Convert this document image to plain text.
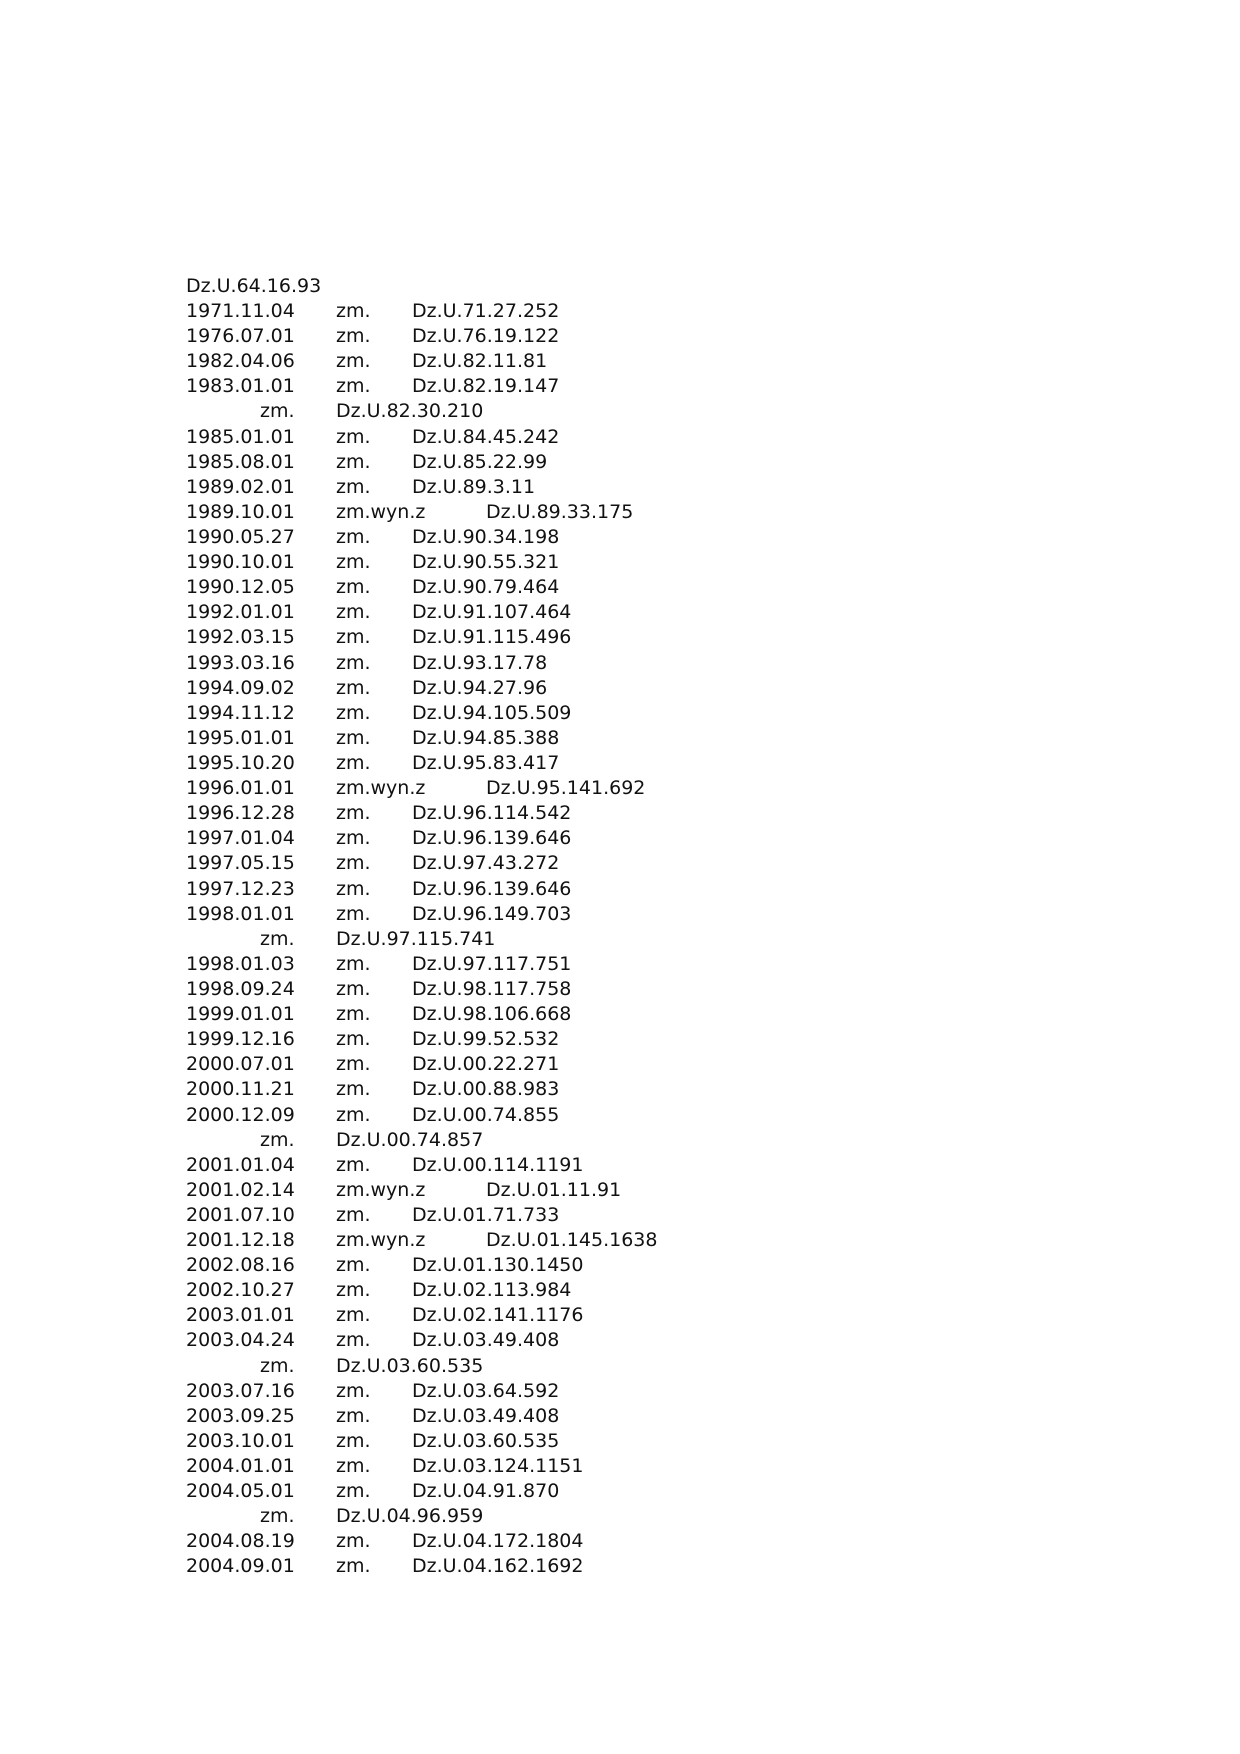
Dz.U.64.16.93
1971.11.04 zm. Dz.U.71.27.252
1976.07.01 zm. Dz.U.76.19.122
1982.04.06 zm. Dz.U.82.11.81
1983.01.01 zm. Dz.U.82.19.147
zm. Dz.U.82.30.210
1985.01.01 zm. Dz.U.84.45.242
1985.08.01 zm. Dz.U.85.22.99
1989.02.01 zm. Dz.U.89.3.11
1989.10.01 zm.wyn.z	Dz.U.89.33.175
1990.05.27 zm. Dz.U.90.34.198
1990.10.01 zm. Dz.U.90.55.321
1990.12.05 zm. Dz.U.90.79.464
1992.01.01 zm. Dz.U.91.107.464
1992.03.15 zm. Dz.U.91.115.496
1993.03.16 zm. Dz.U.93.17.78
1994.09.02 zm. Dz.U.94.27.96
1994.11.12 zm. Dz.U.94.105.509
1995.01.01 zm. Dz.U.94.85.388
1995.10.20 zm. Dz.U.95.83.417
1996.01.01 zm.wyn.z	Dz.U.95.141.692
1996.12.28 zm. Dz.U.96.114.542
1997.01.04 zm. Dz.U.96.139.646
1997.05.15 zm. Dz.U.97.43.272
1997.12.23 zm. Dz.U.96.139.646
1998.01.01 zm. Dz.U.96.149.703
zm. Dz.U.97.115.741
1998.01.03 zm. Dz.U.97.117.751
1998.09.24 zm. Dz.U.98.117.758
1999.01.01 zm. Dz.U.98.106.668
1999.12.16 zm. Dz.U.99.52.532
2000.07.01 zm. Dz.U.00.22.271
2000.11.21 zm. Dz.U.00.88.983
2000.12.09 zm. Dz.U.00.74.855
zm. Dz.U.00.74.857
2001.01.04 zm. Dz.U.00.114.1191
2001.02.14 zm.wyn.z	Dz.U.01.11.91
2001.07.10 zm. Dz.U.01.71.733
2001.12.18 zm.wyn.z	Dz.U.01.145.1638
2002.08.16 zm. Dz.U.01.130.1450
2002.10.27 zm. Dz.U.02.113.984
2003.01.01 zm. Dz.U.02.141.1176
2003.04.24 zm. Dz.U.03.49.408
zm. Dz.U.03.60.535
2003.07.16 zm. Dz.U.03.64.592
2003.09.25 zm. Dz.U.03.49.408
2003.10.01 zm. Dz.U.03.60.535
2004.01.01 zm. Dz.U.03.124.1151
2004.05.01 zm. Dz.U.04.91.870
zm. Dz.U.04.96.959
2004.08.19 zm. Dz.U.04.172.1804
2004.09.01 zm. Dz.U.04.162.1692
